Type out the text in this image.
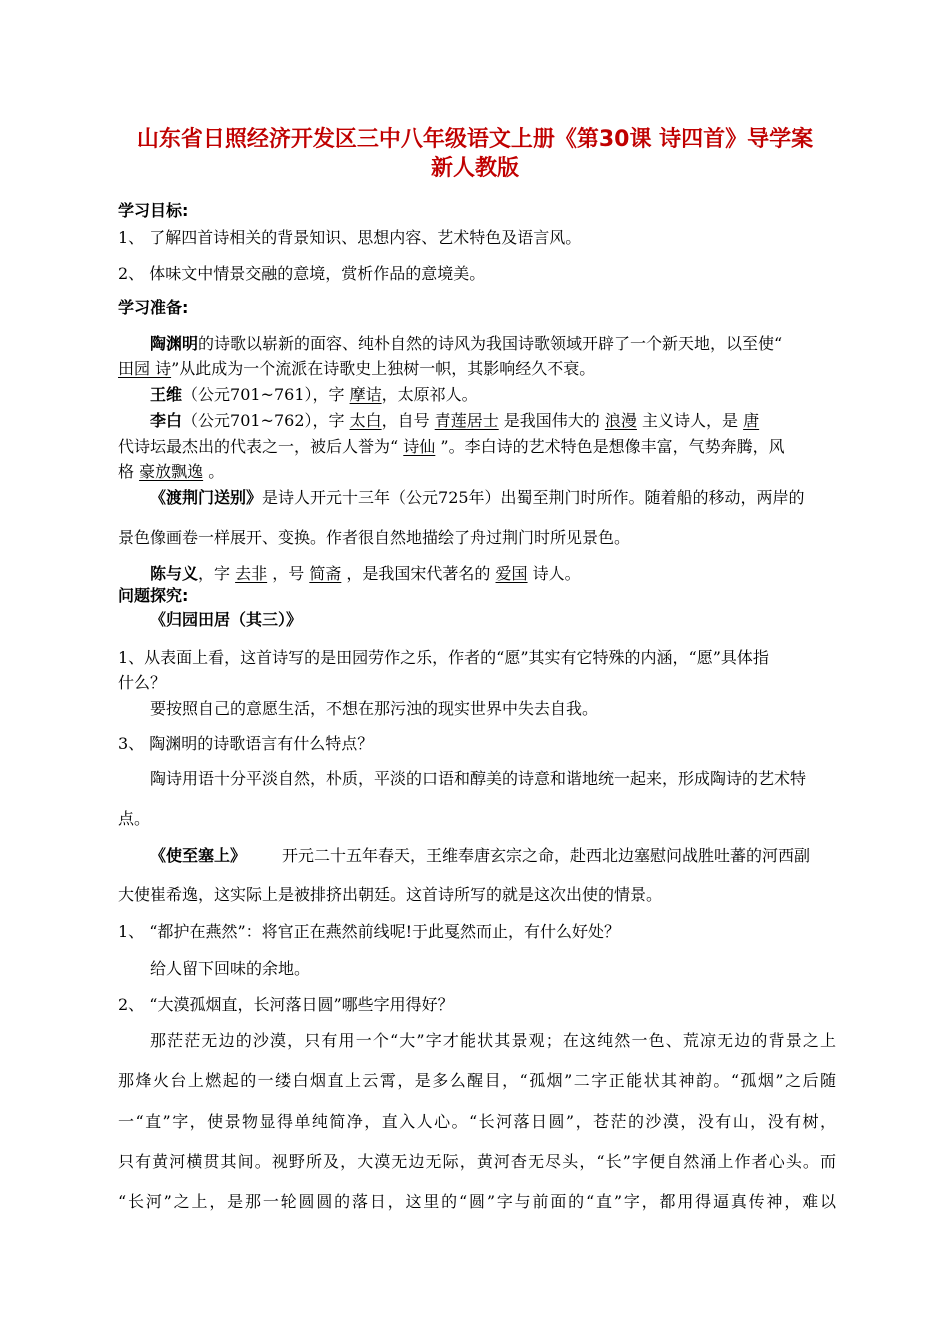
山东省日照经济开发区三中八年级语文上册《第30课 诗四首》导学案
新人教版
学习目标:
1、 了解四首诗相关的背景知识、思想内容、艺术特色及语言风。
2、 体味文中情景交融的意境，赏析作品的意境美。
学习准备:
陶渊明的诗歌以崭新的面容、纯朴自然的诗风为我国诗歌领域开辟了一个新天地，以至使“
田园 诗”从此成为一个流派在诗歌史上独树一帜，其影响经久不衰。
王维（公元701~761），字 摩诘，太原祁人。
李白（公元701~762），字 太白，自号 青莲居士 是我国伟大的 浪漫 主义诗人，是 唐
代诗坛最杰出的代表之一，被后人誉为“ 诗仙 ”。李白诗的艺术特色是想像丰富，气势奔腾，风
格 豪放飘逸 。
《渡荆门送别》是诗人开元十三年（公元725年）出蜀至荆门时所作。随着船的移动，两岸的
景色像画卷一样展开、变换。作者很自然地描绘了舟过荆门时所见景色。
陈与义，字 去非 ，号 简斋 ，是我国宋代著名的 爱国 诗人。
问题探究:
《归园田居（其三）》
1、从表面上看，这首诗写的是田园劳作之乐，作者的“愿”其实有它特殊的内涵，“愿”具体指
什么？
要按照自己的意愿生活，不想在那污浊的现实世界中失去自我。
3、 陶渊明的诗歌语言有什么特点？
陶诗用语十分平淡自然，朴质，平淡的口语和醇美的诗意和谐地统一起来，形成陶诗的艺术特
点。
《使至塞上》 开元二十五年春天，王维奉唐玄宗之命，赴西北边塞慰问战胜吐蕃的河西副
大使崔希逸，这实际上是被排挤出朝廷。这首诗所写的就是这次出使的情景。
1、 “都护在燕然”：将官正在燕然前线呢!于此戛然而止，有什么好处？
给人留下回味的余地。
2、 “大漠孤烟直，长河落日圆”哪些字用得好？
那茫茫无边的沙漠，只有用一个“大”字才能状其景观；在这纯然一色、荒凉无边的背景之上
那烽火台上燃起的一缕白烟直上云霄，是多么醒目，“孤烟”二字正能状其神韵。“孤烟”之后随
一“直”字，使景物显得单纯简净，直入人心。“长河落日圆”，苍茫的沙漠，没有山，没有树，
只有黄河横贯其间。视野所及，大漠无边无际，黄河杳无尽头，“长”字便自然涌上作者心头。而
“长河”之上，是那一轮圆圆的落日，这里的“圆”字与前面的“直”字，都用得逼真传神，难以
